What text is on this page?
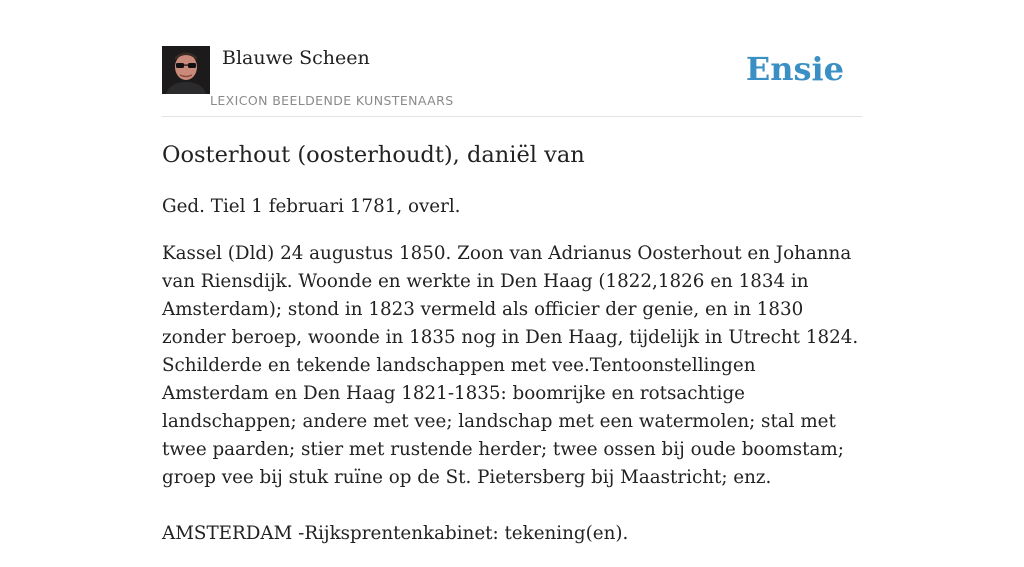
Blauwe Scheen
LEXICON BEELDENDE KUNSTENAARS
Ensie
Oosterhout (oosterhoudt), daniël van

Ged. Tiel 1 februari 1781, overl.

Kassel (Dld) 24 augustus 1850. Zoon van Adrianus Oosterhout en Johanna van Riensdijk. Woonde en werkte in Den Haag (1822,1826 en 1834 in Amsterdam); stond in 1823 vermeld als officier der genie, en in 1830 zonder beroep, woonde in 1835 nog in Den Haag, tijdelijk in Utrecht 1824. Schilderde en tekende landschappen met vee.Tentoonstellingen Amsterdam en Den Haag 1821-1835: boomrijke en rotsachtige landschappen; andere met vee; landschap met een watermolen; stal met twee paarden; stier met rustende herder; twee ossen bij oude boomstam; groep vee bij stuk ruïne op de St. Pietersberg bij Maastricht; enz.

AMSTERDAM -Rijksprentenkabinet: tekening(en).
